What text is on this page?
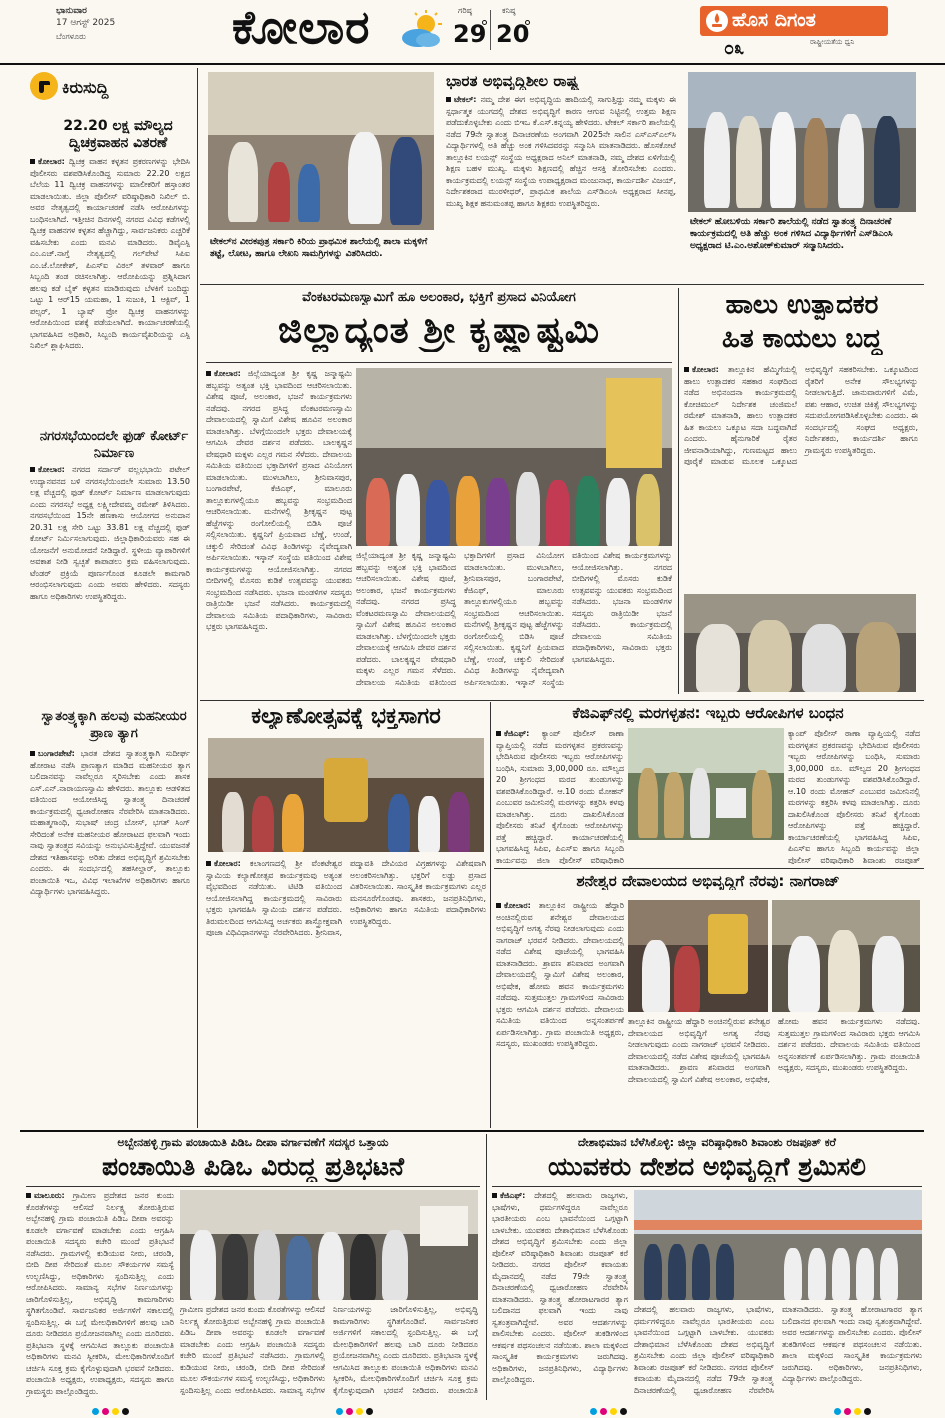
ಭಾನುವಾರ
17 ಆಗಸ್ಟ್ 2025
ಬೆಂಗಳೂರು	ಕೋಲಾರ	ಗರಿಷ್ಠ
29
ಕನಿಷ್ಠ
20	ಹೊಸ ದಿಗಂತ
೦೩	ರಾಷ್ಟ್ರೀಯತೆಯ ಧ್ವನಿ
ಕಿರುಸುದ್ದಿ
22.20 ಲಕ್ಷ ಮೌಲ್ಯದ ದ್ವಿಚಕ್ರವಾಹನ ವಿತರಣೆ
ಕೋಲಾರ: ದ್ವಿಚಕ್ರ ವಾಹನ ಕಳ್ಳತನ ಪ್ರಕರಣಗಳನ್ನು ಭೇದಿಸಿ ಪೊಲೀಸರು ವಶಪಡಿಸಿಕೊಂಡಿದ್ದ ಸುಮಾರು 22.20 ಲಕ್ಷದ ಬೆಲೆಯ 11 ದ್ವಿಚಕ್ರ ವಾಹನಗಳನ್ನು ಮಾಲೀಕರಿಗೆ ಹಸ್ತಾಂತರ ಮಾಡಲಾಯಿತು. ಜಿಲ್ಲಾ ಪೊಲೀಸ್ ವರಿಷ್ಠಾಧಿಕಾರಿ ನಿಖಿಲ್ ಬಿ. ಅವರ ನೇತೃತ್ವದಲ್ಲಿ ಕಾರ್ಯಾಚರಣೆ ನಡೆಸಿ ಆರೋಪಿಗಳನ್ನು ಬಂಧಿಸಲಾಗಿದೆ. ಇತ್ತೀಚಿನ ದಿನಗಳಲ್ಲಿ ನಗರದ ವಿವಿಧ ಕಡೆಗಳಲ್ಲಿ ದ್ವಿಚಕ್ರ ವಾಹನಗಳ ಕಳ್ಳತನ ಹೆಚ್ಚಾಗಿದ್ದು, ಸಾರ್ವಜನಿಕರು ಎಚ್ಚರಿಕೆ ವಹಿಸಬೇಕು ಎಂದು ಮನವಿ ಮಾಡಿದರು. ಡಿವೈಎಸ್ಪಿ ಎಂ.ಎಚ್.ನಾಗ್ತೆ ನೇತೃತ್ವದಲ್ಲಿ ಗಲ್‌ಪೇಟೆ ಸಿಪಿಐ ಎಂ.ಜೆ.ಲೋಕೇಶ್, ಪಿಎಸ್‌ಐ ವಿಠಲ್ ತಳವಾರ್ ಹಾಗೂ ಸಿಬ್ಬಂದಿ ತಂಡ ರಚಿಸಲಾಗಿತ್ತು. ಆರೋಪಿಯನ್ನು ಪ್ರಶ್ನಿಸಿದಾಗ ಹಲವು ಕಡೆ ಬೈಕ್ ಕಳ್ಳತನ ಮಾಡಿರುವುದು ಬೆಳಕಿಗೆ ಬಂದಿದ್ದು ಒಟ್ಟು 1 ಆರ್‌15 ಯಮಹಾ, 1 ಸುಜುಕಿ, 1 ಆಕ್ಟಿವ್, 1 ಪಲ್ಸರ್, 1 ಬ್ಯಾಷ್ ಪ್ರೋ ದ್ವಿಚಕ್ರ ವಾಹನಗಳನ್ನು ಆರೋಪಿಯಿಂದ ವಶಕ್ಕೆ ಪಡೆಯಲಾಗಿದೆ. ಕಾರ್ಯಾಚರಣೆಯಲ್ಲಿ ಭಾಗವಹಿಸಿದ ಅಧಿಕಾರಿ, ಸಿಬ್ಬಂದಿ ಕಾರ್ಯವೈಖರಿಯನ್ನು ಎಸ್ಪಿ ನಿಖಿಲ್ ಶ್ಲಾಘಿಸಿದರು.
ನಗರಸಭೆಯಿಂದಲೇ ಫುಡ್ ಕೋರ್ಟ್ ನಿರ್ಮಾಣ
ಕೋಲಾರ: ನಗರದ ಸರ್ದಾರ್ ವಲ್ಲಭಭಾಯಿ ಪಟೇಲ್ ಉದ್ಯಾನವನದ ಬಳಿ ನಗರಸಭೆಯಿಂದಲೇ ಸುಮಾರು 13.50 ಲಕ್ಷ ವೆಚ್ಚದಲ್ಲಿ ಫುಡ್ ಕೋರ್ಟ್ ನಿರ್ಮಾಣ ಮಾಡಲಾಗುವುದು ಎಂದು ನಗರಸಭೆ ಅಧ್ಯಕ್ಷ ಲಕ್ಷ್ಮೀದೇವಮ್ಮ ರಮೇಶ್ ತಿಳಿಸಿದರು. ನಗರಸಭೆಯಿಂದ 15ನೇ ಹಣಕಾಸು ಆಯೋಗದ ಅನುದಾನ 20.31 ಲಕ್ಷ ಸೇರಿ ಒಟ್ಟು 33.81 ಲಕ್ಷ ವೆಚ್ಚದಲ್ಲಿ ಫುಡ್ ಕೋರ್ಟ್ ನಿರ್ಮಿಸಲಾಗುವುದು. ಜಿಲ್ಲಾಧಿಕಾರಿಯವರು ಸಹ ಈ ಯೋಜನೆಗೆ ಅನುಮೋದನೆ ನೀಡಿದ್ದಾರೆ. ಸ್ಥಳೀಯ ವ್ಯಾಪಾರಿಗಳಿಗೆ ಅವಕಾಶ ನೀಡಿ ಸ್ವಚ್ಛತೆ ಕಾಪಾಡಲು ಕ್ರಮ ವಹಿಸಲಾಗುವುದು. ಟೆಂಡರ್ ಪ್ರಕ್ರಿಯೆ ಪೂರ್ಣಗೊಂಡ ಕೂಡಲೇ ಕಾಮಗಾರಿ ಆರಂಭಿಸಲಾಗುವುದು ಎಂದು ಅವರು ಹೇಳಿದರು. ಸದಸ್ಯರು ಹಾಗೂ ಅಧಿಕಾರಿಗಳು ಉಪಸ್ಥಿತರಿದ್ದರು.
ಸ್ವಾತಂತ್ರ್ಯಕ್ಕಾಗಿ ಹಲವು ಮಹನೀಯರ ಪ್ರಾಣ ತ್ಯಾಗ
ಬಂಗಾರಪೇಟೆ: ಭಾರತ ದೇಶದ ಸ್ವಾತಂತ್ರ್ಯಕ್ಕಾಗಿ ಸುದೀರ್ಘ ಹೋರಾಟ ನಡೆಸಿ ಪ್ರಾಣತ್ಯಾಗ ಮಾಡಿದ ಮಹನೀಯರ ತ್ಯಾಗ ಬಲಿದಾನವನ್ನು ನಾವೆಲ್ಲರೂ ಸ್ಮರಿಸಬೇಕು ಎಂದು ಶಾಸಕ ಎಸ್.ಎನ್.ನಾರಾಯಣಸ್ವಾಮಿ ಹೇಳಿದರು. ತಾಲ್ಲೂಕು ಆಡಳಿತದ ವತಿಯಿಂದ ಆಯೋಜಿಸಿದ್ದ ಸ್ವಾತಂತ್ರ್ಯ ದಿನಾಚರಣೆ ಕಾರ್ಯಕ್ರಮದಲ್ಲಿ ಧ್ವಜಾರೋಹಣ ನೆರವೇರಿಸಿ ಮಾತನಾಡಿದರು. ಮಹಾತ್ಮಗಾಂಧಿ, ಸುಭಾಷ್ ಚಂದ್ರ ಬೋಸ್, ಭಗತ್ ಸಿಂಗ್ ಸೇರಿದಂತೆ ಅನೇಕ ಮಹನೀಯರ ಹೋರಾಟದ ಫಲವಾಗಿ ಇಂದು ನಾವು ಸ್ವಾತಂತ್ರ್ಯದ ಸವಿಯನ್ನು ಅನುಭವಿಸುತ್ತಿದ್ದೇವೆ. ಯುವಜನತೆ ದೇಶದ ಇತಿಹಾಸವನ್ನು ಅರಿತು ದೇಶದ ಅಭಿವೃದ್ಧಿಗೆ ಶ್ರಮಿಸಬೇಕು ಎಂದರು. ಈ ಸಂದರ್ಭದಲ್ಲಿ ತಹಸೀಲ್ದಾರ್, ತಾಲ್ಲೂಕು ಪಂಚಾಯಿತಿ ಇಒ, ವಿವಿಧ ಇಲಾಖೆಗಳ ಅಧಿಕಾರಿಗಳು ಹಾಗೂ ವಿದ್ಯಾರ್ಥಿಗಳು ಭಾಗವಹಿಸಿದ್ದರು.
ಟೇಕಲ್‌ನ ವೀರಕಪುತ್ರ ಸರ್ಕಾರಿ ಕಿರಿಯ ಪ್ರಾಥಮಿಕ ಶಾಲೆಯಲ್ಲಿ ಶಾಲಾ ಮಕ್ಕಳಿಗೆ ತಟ್ಟೆ, ಲೋಟ, ಹಾಗೂ ಲೇಖನಿ ಸಾಮಗ್ರಿಗಳನ್ನು ವಿತರಿಸಿದರು.
ಭಾರತ ಅಭಿವೃದ್ಧಿಶೀಲ ರಾಷ್ಟ್ರ
ಟೇಕಲ್: ನಮ್ಮ ದೇಶ ಈಗ ಅಭಿವೃದ್ಧಿಯ ಹಾದಿಯಲ್ಲಿ ಸಾಗುತ್ತಿದ್ದು ನಮ್ಮ ಮಕ್ಕಳು ಈ ಸ್ಪರ್ಧಾತ್ಮಕ ಯುಗದಲ್ಲಿ ದೇಶದ ಅಭಿವೃದ್ಧಿಗೆ ಕಾರಣ ಆಗುವ ನಿಟ್ಟಿನಲ್ಲಿ ಉತ್ತಮ ಶಿಕ್ಷಣ ಪಡೆದುಕೊಳ್ಳಬೇಕು ಎಂದು ಬಿಇಒ ಕೆ.ಎಸ್.ಕನ್ನಯ್ಯ ಹೇಳಿದರು. ಟೇಕಲ್ ಸರ್ಕಾರಿ ಶಾಲೆಯಲ್ಲಿ ನಡೆದ 79ನೇ ಸ್ವಾತಂತ್ರ್ಯ ದಿನಾಚರಣೆಯ ಅಂಗವಾಗಿ 2025ನೇ ಸಾಲಿನ ಎಸ್‌ಎಸ್‌ಎಲ್‌ಸಿ ವಿದ್ಯಾರ್ಥಿಗಳಲ್ಲಿ ಅತಿ ಹೆಚ್ಚು ಅಂಕ ಗಳಿಸಿದವರನ್ನು ಸನ್ಮಾನಿಸಿ ಮಾತನಾಡಿದರು. ಹೊಸಕೋಟೆ ತಾಲ್ಲೂಕಿನ ಲಯನ್ಸ್ ಸಂಸ್ಥೆಯ ಅಧ್ಯಕ್ಷರಾದ ಅನಿಲ್ ಮಾತನಾಡಿ, ನಮ್ಮ ದೇಶದ ಏಳಿಗೆಯಲ್ಲಿ ಶಿಕ್ಷಣ ಬಹಳ ಮುಖ್ಯ. ಮಕ್ಕಳು ಶಿಕ್ಷಣದಲ್ಲಿ ಹೆಚ್ಚಿನ ಆಸಕ್ತಿ ತೋರಿಸಬೇಕು ಎಂದರು. ಕಾರ್ಯಕ್ರಮದಲ್ಲಿ ಲಯನ್ಸ್ ಸಂಸ್ಥೆಯ ಉಪಾಧ್ಯಕ್ಷರಾದ ಮಂಜುನಾಥ, ಕಾರ್ಯದರ್ಶಿ ವಿಜಯ್, ನಿರ್ದೇಶಕರಾದ ಮುರಳೀಧರ್, ಪ್ರಾಥಮಿಕ ಶಾಲೆಯ ಎಸ್‌ಡಿಎಂಸಿ ಅಧ್ಯಕ್ಷರಾದ ಸೀನಪ್ಪ, ಮುಖ್ಯ ಶಿಕ್ಷಕ ಹನುಮಂತಪ್ಪ ಹಾಗೂ ಶಿಕ್ಷಕರು ಉಪಸ್ಥಿತರಿದ್ದರು.
ಟೇಕಲ್ ಹೋಬಳಿಯ ಸರ್ಕಾರಿ ಶಾಲೆಯಲ್ಲಿ ನಡೆದ ಸ್ವಾತಂತ್ರ್ಯ ದಿನಾಚರಣೆ ಕಾರ್ಯಕ್ರಮದಲ್ಲಿ ಅತಿ ಹೆಚ್ಚು ಅಂಕ ಗಳಿಸಿದ ವಿದ್ಯಾರ್ಥಿಗಳಿಗೆ ಎಸ್‌ಡಿಎಂಸಿ ಅಧ್ಯಕ್ಷರಾದ ಟಿ.ಎಂ.ಅಶೋಕ್‌ಕುಮಾರ್ ಸನ್ಮಾನಿಸಿದರು.
ವೆಂಕಟರಮಣಸ್ವಾಮಿಗೆ ಹೂ ಅಲಂಕಾರ, ಭಕ್ತಿಗೆ ಪ್ರಸಾದ ವಿನಿಯೋಗ
ಜಿಲ್ಲಾದ್ಯಂತ ಶ್ರೀ ಕೃಷ್ಣಾಷ್ಟಮಿ
ಕೋಲಾರ: ಜಿಲ್ಲೆಯಾದ್ಯಂತ ಶ್ರೀ ಕೃಷ್ಣ ಜನ್ಮಾಷ್ಟಮಿ ಹಬ್ಬವನ್ನು ಅತ್ಯಂತ ಭಕ್ತಿ ಭಾವದಿಂದ ಆಚರಿಸಲಾಯಿತು. ವಿಶೇಷ ಪೂಜೆ, ಅಲಂಕಾರ, ಭಜನೆ ಕಾರ್ಯಕ್ರಮಗಳು ನಡೆದವು. ನಗರದ ಪ್ರಸಿದ್ಧ ವೆಂಕಟರಮಣಸ್ವಾಮಿ ದೇವಾಲಯದಲ್ಲಿ ಸ್ವಾಮಿಗೆ ವಿಶೇಷ ಹೂವಿನ ಅಲಂಕಾರ ಮಾಡಲಾಗಿತ್ತು. ಬೆಳಗ್ಗೆಯಿಂದಲೇ ಭಕ್ತರು ದೇವಾಲಯಕ್ಕೆ ಆಗಮಿಸಿ ದೇವರ ದರ್ಶನ ಪಡೆದರು. ಬಾಲಕೃಷ್ಣನ ವೇಷಧಾರಿ ಮಕ್ಕಳು ಎಲ್ಲರ ಗಮನ ಸೆಳೆದರು. ದೇವಾಲಯ ಸಮಿತಿಯ ವತಿಯಿಂದ ಭಕ್ತಾದಿಗಳಿಗೆ ಪ್ರಸಾದ ವಿನಿಯೋಗ ಮಾಡಲಾಯಿತು. ಮುಳಬಾಗಿಲು, ಶ್ರೀನಿವಾಸಪುರ, ಬಂಗಾರಪೇಟೆ, ಕೆಜಿಎಫ್, ಮಾಲೂರು ತಾಲ್ಲೂಕುಗಳಲ್ಲಿಯೂ ಹಬ್ಬವನ್ನು ಸಂಭ್ರಮದಿಂದ ಆಚರಿಸಲಾಯಿತು. ಮನೆಗಳಲ್ಲಿ ಶ್ರೀಕೃಷ್ಣನ ಪುಟ್ಟ ಹೆಜ್ಜೆಗಳನ್ನು ರಂಗೋಲಿಯಲ್ಲಿ ಬಿಡಿಸಿ ಪೂಜೆ ಸಲ್ಲಿಸಲಾಯಿತು. ಕೃಷ್ಣನಿಗೆ ಪ್ರಿಯವಾದ ಬೆಣ್ಣೆ, ಉಂಡೆ, ಚಕ್ಕುಲಿ ಸೇರಿದಂತೆ ವಿವಿಧ ತಿಂಡಿಗಳನ್ನು ನೈವೇದ್ಯವಾಗಿ ಅರ್ಪಿಸಲಾಯಿತು. ಇಸ್ಕಾನ್ ಸಂಸ್ಥೆಯ ವತಿಯಿಂದ ವಿಶೇಷ ಕಾರ್ಯಕ್ರಮಗಳನ್ನು ಆಯೋಜಿಸಲಾಗಿತ್ತು. ನಗರದ ಬೀದಿಗಳಲ್ಲಿ ಮೊಸರು ಕುಡಿಕೆ ಉತ್ಸವವನ್ನು ಯುವಕರು ಸಂಭ್ರಮದಿಂದ ನಡೆಸಿದರು. ಭಜನಾ ಮಂಡಳಿಗಳ ಸದಸ್ಯರು ರಾತ್ರಿಯಿಡೀ ಭಜನೆ ನಡೆಸಿದರು. ಕಾರ್ಯಕ್ರಮದಲ್ಲಿ ದೇವಾಲಯ ಸಮಿತಿಯ ಪದಾಧಿಕಾರಿಗಳು, ಸಾವಿರಾರು ಭಕ್ತರು ಭಾಗವಹಿಸಿದ್ದರು.
ಜಿಲ್ಲೆಯಾದ್ಯಂತ ಶ್ರೀ ಕೃಷ್ಣ ಜನ್ಮಾಷ್ಟಮಿ ಹಬ್ಬವನ್ನು ಅತ್ಯಂತ ಭಕ್ತಿ ಭಾವದಿಂದ ಆಚರಿಸಲಾಯಿತು. ವಿಶೇಷ ಪೂಜೆ, ಅಲಂಕಾರ, ಭಜನೆ ಕಾರ್ಯಕ್ರಮಗಳು ನಡೆದವು. ನಗರದ ಪ್ರಸಿದ್ಧ ವೆಂಕಟರಮಣಸ್ವಾಮಿ ದೇವಾಲಯದಲ್ಲಿ ಸ್ವಾಮಿಗೆ ವಿಶೇಷ ಹೂವಿನ ಅಲಂಕಾರ ಮಾಡಲಾಗಿತ್ತು. ಬೆಳಗ್ಗೆಯಿಂದಲೇ ಭಕ್ತರು ದೇವಾಲಯಕ್ಕೆ ಆಗಮಿಸಿ ದೇವರ ದರ್ಶನ ಪಡೆದರು. ಬಾಲಕೃಷ್ಣನ ವೇಷಧಾರಿ ಮಕ್ಕಳು ಎಲ್ಲರ ಗಮನ ಸೆಳೆದರು. ದೇವಾಲಯ ಸಮಿತಿಯ ವತಿಯಿಂದ ಭಕ್ತಾದಿಗಳಿಗೆ ಪ್ರಸಾದ ವಿನಿಯೋಗ ಮಾಡಲಾಯಿತು. ಮುಳಬಾಗಿಲು, ಶ್ರೀನಿವಾಸಪುರ, ಬಂಗಾರಪೇಟೆ, ಕೆಜಿಎಫ್, ಮಾಲೂರು ತಾಲ್ಲೂಕುಗಳಲ್ಲಿಯೂ ಹಬ್ಬವನ್ನು ಸಂಭ್ರಮದಿಂದ ಆಚರಿಸಲಾಯಿತು. ಮನೆಗಳಲ್ಲಿ ಶ್ರೀಕೃಷ್ಣನ ಪುಟ್ಟ ಹೆಜ್ಜೆಗಳನ್ನು ರಂಗೋಲಿಯಲ್ಲಿ ಬಿಡಿಸಿ ಪೂಜೆ ಸಲ್ಲಿಸಲಾಯಿತು. ಕೃಷ್ಣನಿಗೆ ಪ್ರಿಯವಾದ ಬೆಣ್ಣೆ, ಉಂಡೆ, ಚಕ್ಕುಲಿ ಸೇರಿದಂತೆ ವಿವಿಧ ತಿಂಡಿಗಳನ್ನು ನೈವೇದ್ಯವಾಗಿ ಅರ್ಪಿಸಲಾಯಿತು. ಇಸ್ಕಾನ್ ಸಂಸ್ಥೆಯ ವತಿಯಿಂದ ವಿಶೇಷ ಕಾರ್ಯಕ್ರಮಗಳನ್ನು ಆಯೋಜಿಸಲಾಗಿತ್ತು. ನಗರದ ಬೀದಿಗಳಲ್ಲಿ ಮೊಸರು ಕುಡಿಕೆ ಉತ್ಸವವನ್ನು ಯುವಕರು ಸಂಭ್ರಮದಿಂದ ನಡೆಸಿದರು. ಭಜನಾ ಮಂಡಳಿಗಳ ಸದಸ್ಯರು ರಾತ್ರಿಯಿಡೀ ಭಜನೆ ನಡೆಸಿದರು. ಕಾರ್ಯಕ್ರಮದಲ್ಲಿ ದೇವಾಲಯ ಸಮಿತಿಯ ಪದಾಧಿಕಾರಿಗಳು, ಸಾವಿರಾರು ಭಕ್ತರು ಭಾಗವಹಿಸಿದ್ದರು.
ಹಾಲು ಉತ್ಪಾದಕರ
ಹಿತ ಕಾಯಲು ಬದ್ಧ
ಕೋಲಾರ: ತಾಲ್ಲೂಕಿನ ಹೆಮ್ಮಿಗೆಯಲ್ಲಿ ಹಾಲು ಉತ್ಪಾದಕರ ಸಹಕಾರ ಸಂಘದಿಂದ ನಡೆದ ಅಭಿನಂದನಾ ಕಾರ್ಯಕ್ರಮದಲ್ಲಿ ಕೋಚಿಮುಲ್ ನಿರ್ದೇಶಕ ಚಂಜಿಮಲೆ ರಮೇಶ್ ಮಾತನಾಡಿ, ಹಾಲು ಉತ್ಪಾದಕರ ಹಿತ ಕಾಯಲು ಒಕ್ಕೂಟ ಸದಾ ಬದ್ಧವಾಗಿದೆ ಎಂದರು. ಹೈನುಗಾರಿಕೆ ರೈತರ ಜೀವನಾಡಿಯಾಗಿದ್ದು, ಗುಣಮಟ್ಟದ ಹಾಲು ಪೂರೈಕೆ ಮಾಡುವ ಮೂಲಕ ಒಕ್ಕೂಟದ ಅಭಿವೃದ್ಧಿಗೆ ಸಹಕರಿಸಬೇಕು. ಒಕ್ಕೂಟದಿಂದ ರೈತರಿಗೆ ಅನೇಕ ಸೌಲಭ್ಯಗಳನ್ನು ನೀಡಲಾಗುತ್ತಿದೆ. ಜಾನುವಾರುಗಳಿಗೆ ವಿಮೆ, ಪಶು ಆಹಾರ, ಉಚಿತ ಚಿಕಿತ್ಸೆ ಸೌಲಭ್ಯಗಳನ್ನು ಸದುಪಯೋಗಪಡಿಸಿಕೊಳ್ಳಬೇಕು ಎಂದರು. ಈ ಸಂದರ್ಭದಲ್ಲಿ ಸಂಘದ ಅಧ್ಯಕ್ಷರು, ನಿರ್ದೇಶಕರು, ಕಾರ್ಯದರ್ಶಿ ಹಾಗೂ ಗ್ರಾಮಸ್ಥರು ಉಪಸ್ಥಿತರಿದ್ದರು.
ಕಲ್ಯಾಣೋತ್ಸವಕ್ಕೆ ಭಕ್ತಸಾಗರ
ಕೋಲಾರ: ಕಲಾಂಗಣದಲ್ಲಿ ಶ್ರೀ ವೆಂಕಟೇಶ್ವರ ಸ್ವಾಮಿಯ ಕಲ್ಯಾಣೋತ್ಸವ ಕಾರ್ಯಕ್ರಮವು ಅತ್ಯಂತ ವೈಭವದಿಂದ ನಡೆಯಿತು. ಟಿಟಿಡಿ ವತಿಯಿಂದ ಆಯೋಜಿಸಲಾಗಿದ್ದ ಕಾರ್ಯಕ್ರಮದಲ್ಲಿ ಸಾವಿರಾರು ಭಕ್ತರು ಭಾಗವಹಿಸಿ ಸ್ವಾಮಿಯ ದರ್ಶನ ಪಡೆದರು. ತಿರುಮಲದಿಂದ ಆಗಮಿಸಿದ್ದ ಅರ್ಚಕರು ಶಾಸ್ತ್ರೋಕ್ತವಾಗಿ ಪೂಜಾ ವಿಧಿವಿಧಾನಗಳನ್ನು ನೆರವೇರಿಸಿದರು. ಶ್ರೀನಿವಾಸ, ಪದ್ಮಾವತಿ ದೇವಿಯರ ವಿಗ್ರಹಗಳನ್ನು ವಿಶೇಷವಾಗಿ ಅಲಂಕರಿಸಲಾಗಿತ್ತು. ಭಕ್ತರಿಗೆ ಲಡ್ಡು ಪ್ರಸಾದ ವಿತರಿಸಲಾಯಿತು. ಸಾಂಸ್ಕೃತಿಕ ಕಾರ್ಯಕ್ರಮಗಳು ಎಲ್ಲರ ಮನಸೂರೆಗೊಂಡವು. ಶಾಸಕರು, ಜನಪ್ರತಿನಿಧಿಗಳು, ಅಧಿಕಾರಿಗಳು ಹಾಗೂ ಸಮಿತಿಯ ಪದಾಧಿಕಾರಿಗಳು ಉಪಸ್ಥಿತರಿದ್ದರು.
ಕೆಜಿಎಫ್‌ನಲ್ಲಿ ಮರಗಳ್ಳತನ: ಇಬ್ಬರು ಆರೋಪಿಗಳ ಬಂಧನ
ಕೆಜಿಎಫ್: ಕ್ಯಾಂಪ್ ಪೊಲೀಸ್ ಠಾಣಾ ವ್ಯಾಪ್ತಿಯಲ್ಲಿ ನಡೆದ ಮರಗಳ್ಳತನ ಪ್ರಕರಣವನ್ನು ಭೇದಿಸಿರುವ ಪೊಲೀಸರು ಇಬ್ಬರು ಆರೋಪಿಗಳನ್ನು ಬಂಧಿಸಿ, ಸುಮಾರು 3,00,000 ರೂ. ಮೌಲ್ಯದ 20 ಶ್ರೀಗಂಧದ ಮರದ ತುಂಡುಗಳನ್ನು ವಶಪಡಿಸಿಕೊಂಡಿದ್ದಾರೆ. ಆ.10 ರಂದು ಮೋಹನ್ ಎಂಬುವರ ಜಮೀನಿನಲ್ಲಿ ಮರಗಳನ್ನು ಕತ್ತರಿಸಿ ಕಳವು ಮಾಡಲಾಗಿತ್ತು. ದೂರು ದಾಖಲಿಸಿಕೊಂಡ ಪೊಲೀಸರು ತನಿಖೆ ಕೈಗೊಂಡು ಆರೋಪಿಗಳನ್ನು ಪತ್ತೆ ಹಚ್ಚಿದ್ದಾರೆ. ಕಾರ್ಯಾಚರಣೆಯಲ್ಲಿ ಭಾಗವಹಿಸಿದ್ದ ಸಿಪಿಐ, ಪಿಎಸ್‌ಐ ಹಾಗೂ ಸಿಬ್ಬಂದಿ ಕಾರ್ಯವನ್ನು ಜಿಲ್ಲಾ ಪೊಲೀಸ್ ವರಿಷ್ಠಾಧಿಕಾರಿ
ಕ್ಯಾಂಪ್ ಪೊಲೀಸ್ ಠಾಣಾ ವ್ಯಾಪ್ತಿಯಲ್ಲಿ ನಡೆದ ಮರಗಳ್ಳತನ ಪ್ರಕರಣವನ್ನು ಭೇದಿಸಿರುವ ಪೊಲೀಸರು ಇಬ್ಬರು ಆರೋಪಿಗಳನ್ನು ಬಂಧಿಸಿ, ಸುಮಾರು 3,00,000 ರೂ. ಮೌಲ್ಯದ 20 ಶ್ರೀಗಂಧದ ಮರದ ತುಂಡುಗಳನ್ನು ವಶಪಡಿಸಿಕೊಂಡಿದ್ದಾರೆ. ಆ.10 ರಂದು ಮೋಹನ್ ಎಂಬುವರ ಜಮೀನಿನಲ್ಲಿ ಮರಗಳನ್ನು ಕತ್ತರಿಸಿ ಕಳವು ಮಾಡಲಾಗಿತ್ತು. ದೂರು ದಾಖಲಿಸಿಕೊಂಡ ಪೊಲೀಸರು ತನಿಖೆ ಕೈಗೊಂಡು ಆರೋಪಿಗಳನ್ನು ಪತ್ತೆ ಹಚ್ಚಿದ್ದಾರೆ. ಕಾರ್ಯಾಚರಣೆಯಲ್ಲಿ ಭಾಗವಹಿಸಿದ್ದ ಸಿಪಿಐ, ಪಿಎಸ್‌ಐ ಹಾಗೂ ಸಿಬ್ಬಂದಿ ಕಾರ್ಯವನ್ನು ಜಿಲ್ಲಾ ಪೊಲೀಸ್ ವರಿಷ್ಠಾಧಿಕಾರಿ ಶಿವಾಂಶು ರಜಪೂತ್
ಶನೇಶ್ವರ ದೇವಾಲಯದ ಅಭಿವೃದ್ಧಿಗೆ ನೆರವು: ನಾಗರಾಜ್
ಕೋಲಾರ: ತಾಲ್ಲೂಕಿನ ರಾಷ್ಟ್ರೀಯ ಹೆದ್ದಾರಿ ಅಂಚಿನಲ್ಲಿರುವ ಶನೇಶ್ವರ ದೇವಾಲಯದ ಅಭಿವೃದ್ಧಿಗೆ ಅಗತ್ಯ ನೆರವು ನೀಡಲಾಗುವುದು ಎಂದು ನಾಗರಾಜ್ ಭರವಸೆ ನೀಡಿದರು. ದೇವಾಲಯದಲ್ಲಿ ನಡೆದ ವಿಶೇಷ ಪೂಜೆಯಲ್ಲಿ ಭಾಗವಹಿಸಿ ಮಾತನಾಡಿದರು. ಶ್ರಾವಣ ಶನಿವಾರದ ಅಂಗವಾಗಿ ದೇವಾಲಯದಲ್ಲಿ ಸ್ವಾಮಿಗೆ ವಿಶೇಷ ಅಲಂಕಾರ, ಅಭಿಷೇಕ, ಹೋಮ ಹವನ ಕಾರ್ಯಕ್ರಮಗಳು ನಡೆದವು. ಸುತ್ತಮುತ್ತಲ ಗ್ರಾಮಗಳಿಂದ ಸಾವಿರಾರು ಭಕ್ತರು ಆಗಮಿಸಿ ದರ್ಶನ ಪಡೆದರು. ದೇವಾಲಯ ಸಮಿತಿಯ ವತಿಯಿಂದ ಅನ್ನಸಂತರ್ಪಣೆ ಏರ್ಪಡಿಸಲಾಗಿತ್ತು. ಗ್ರಾಮ ಪಂಚಾಯಿತಿ ಅಧ್ಯಕ್ಷರು, ಸದಸ್ಯರು, ಮುಖಂಡರು ಉಪಸ್ಥಿತರಿದ್ದರು.
ತಾಲ್ಲೂಕಿನ ರಾಷ್ಟ್ರೀಯ ಹೆದ್ದಾರಿ ಅಂಚಿನಲ್ಲಿರುವ ಶನೇಶ್ವರ ದೇವಾಲಯದ ಅಭಿವೃದ್ಧಿಗೆ ಅಗತ್ಯ ನೆರವು ನೀಡಲಾಗುವುದು ಎಂದು ನಾಗರಾಜ್ ಭರವಸೆ ನೀಡಿದರು. ದೇವಾಲಯದಲ್ಲಿ ನಡೆದ ವಿಶೇಷ ಪೂಜೆಯಲ್ಲಿ ಭಾಗವಹಿಸಿ ಮಾತನಾಡಿದರು. ಶ್ರಾವಣ ಶನಿವಾರದ ಅಂಗವಾಗಿ ದೇವಾಲಯದಲ್ಲಿ ಸ್ವಾಮಿಗೆ ವಿಶೇಷ ಅಲಂಕಾರ, ಅಭಿಷೇಕ, ಹೋಮ ಹವನ ಕಾರ್ಯಕ್ರಮಗಳು ನಡೆದವು. ಸುತ್ತಮುತ್ತಲ ಗ್ರಾಮಗಳಿಂದ ಸಾವಿರಾರು ಭಕ್ತರು ಆಗಮಿಸಿ ದರ್ಶನ ಪಡೆದರು. ದೇವಾಲಯ ಸಮಿತಿಯ ವತಿಯಿಂದ ಅನ್ನಸಂತರ್ಪಣೆ ಏರ್ಪಡಿಸಲಾಗಿತ್ತು. ಗ್ರಾಮ ಪಂಚಾಯಿತಿ ಅಧ್ಯಕ್ಷರು, ಸದಸ್ಯರು, ಮುಖಂಡರು ಉಪಸ್ಥಿತರಿದ್ದರು.
ಅಬ್ಬೇನಹಳ್ಳಿ ಗ್ರಾಮ ಪಂಚಾಯಿತಿ ಪಿಡಿಒ ದೀಪಾ ವರ್ಗಾವಣೆಗೆ ಸದಸ್ಯರ ಒತ್ತಾಯ
ಪಂಚಾಯಿತಿ ಪಿಡಿಒ ವಿರುದ್ಧ ಪ್ರತಿಭಟನೆ
ಮಾಲೂರು: ಗ್ರಾಮೀಣ ಪ್ರದೇಶದ ಜನರ ಕುಂದು ಕೊರತೆಗಳನ್ನು ಆಲಿಸದೆ ನಿರ್ಲಕ್ಷ್ಯ ತೋರುತ್ತಿರುವ ಅಬ್ಬೇನಹಳ್ಳಿ ಗ್ರಾಮ ಪಂಚಾಯಿತಿ ಪಿಡಿಒ ದೀಪಾ ಅವರನ್ನು ಕೂಡಲೇ ವರ್ಗಾವಣೆ ಮಾಡಬೇಕು ಎಂದು ಆಗ್ರಹಿಸಿ ಪಂಚಾಯಿತಿ ಸದಸ್ಯರು ಕಚೇರಿ ಮುಂದೆ ಪ್ರತಿಭಟನೆ ನಡೆಸಿದರು. ಗ್ರಾಮಗಳಲ್ಲಿ ಕುಡಿಯುವ ನೀರು, ಚರಂಡಿ, ಬೀದಿ ದೀಪ ಸೇರಿದಂತೆ ಮೂಲ ಸೌಕರ್ಯಗಳ ಸಮಸ್ಯೆ ಉಲ್ಬಣಿಸಿದ್ದು, ಅಧಿಕಾರಿಗಳು ಸ್ಪಂದಿಸುತ್ತಿಲ್ಲ ಎಂದು ಆರೋಪಿಸಿದರು. ಸಾಮಾನ್ಯ ಸಭೆಗಳ ನಿರ್ಣಯಗಳನ್ನು ಜಾರಿಗೊಳಿಸುತ್ತಿಲ್ಲ, ಅಭಿವೃದ್ಧಿ ಕಾಮಗಾರಿಗಳು ಸ್ಥಗಿತಗೊಂಡಿವೆ. ಸಾರ್ವಜನಿಕರ ಅರ್ಜಿಗಳಿಗೆ ಸಕಾಲದಲ್ಲಿ ಸ್ಪಂದಿಸುತ್ತಿಲ್ಲ. ಈ ಬಗ್ಗೆ ಮೇಲಧಿಕಾರಿಗಳಿಗೆ ಹಲವು ಬಾರಿ ದೂರು ನೀಡಿದರೂ ಪ್ರಯೋಜನವಾಗಿಲ್ಲ ಎಂದು ದೂರಿದರು. ಪ್ರತಿಭಟನಾ ಸ್ಥಳಕ್ಕೆ ಆಗಮಿಸಿದ ತಾಲ್ಲೂಕು ಪಂಚಾಯಿತಿ ಅಧಿಕಾರಿಗಳು ಮನವಿ ಸ್ವೀಕರಿಸಿ, ಮೇಲಧಿಕಾರಿಗಳೊಂದಿಗೆ ಚರ್ಚಿಸಿ ಸೂಕ್ತ ಕ್ರಮ ಕೈಗೊಳ್ಳುವುದಾಗಿ ಭರವಸೆ ನೀಡಿದರು. ಪಂಚಾಯಿತಿ ಅಧ್ಯಕ್ಷರು, ಉಪಾಧ್ಯಕ್ಷರು, ಸದಸ್ಯರು ಹಾಗೂ ಗ್ರಾಮಸ್ಥರು ಪಾಲ್ಗೊಂಡಿದ್ದರು.
ಗ್ರಾಮೀಣ ಪ್ರದೇಶದ ಜನರ ಕುಂದು ಕೊರತೆಗಳನ್ನು ಆಲಿಸದೆ ನಿರ್ಲಕ್ಷ್ಯ ತೋರುತ್ತಿರುವ ಅಬ್ಬೇನಹಳ್ಳಿ ಗ್ರಾಮ ಪಂಚಾಯಿತಿ ಪಿಡಿಒ ದೀಪಾ ಅವರನ್ನು ಕೂಡಲೇ ವರ್ಗಾವಣೆ ಮಾಡಬೇಕು ಎಂದು ಆಗ್ರಹಿಸಿ ಪಂಚಾಯಿತಿ ಸದಸ್ಯರು ಕಚೇರಿ ಮುಂದೆ ಪ್ರತಿಭಟನೆ ನಡೆಸಿದರು. ಗ್ರಾಮಗಳಲ್ಲಿ ಕುಡಿಯುವ ನೀರು, ಚರಂಡಿ, ಬೀದಿ ದೀಪ ಸೇರಿದಂತೆ ಮೂಲ ಸೌಕರ್ಯಗಳ ಸಮಸ್ಯೆ ಉಲ್ಬಣಿಸಿದ್ದು, ಅಧಿಕಾರಿಗಳು ಸ್ಪಂದಿಸುತ್ತಿಲ್ಲ ಎಂದು ಆರೋಪಿಸಿದರು. ಸಾಮಾನ್ಯ ಸಭೆಗಳ ನಿರ್ಣಯಗಳನ್ನು ಜಾರಿಗೊಳಿಸುತ್ತಿಲ್ಲ, ಅಭಿವೃದ್ಧಿ ಕಾಮಗಾರಿಗಳು ಸ್ಥಗಿತಗೊಂಡಿವೆ. ಸಾರ್ವಜನಿಕರ ಅರ್ಜಿಗಳಿಗೆ ಸಕಾಲದಲ್ಲಿ ಸ್ಪಂದಿಸುತ್ತಿಲ್ಲ. ಈ ಬಗ್ಗೆ ಮೇಲಧಿಕಾರಿಗಳಿಗೆ ಹಲವು ಬಾರಿ ದೂರು ನೀಡಿದರೂ ಪ್ರಯೋಜನವಾಗಿಲ್ಲ ಎಂದು ದೂರಿದರು. ಪ್ರತಿಭಟನಾ ಸ್ಥಳಕ್ಕೆ ಆಗಮಿಸಿದ ತಾಲ್ಲೂಕು ಪಂಚಾಯಿತಿ ಅಧಿಕಾರಿಗಳು ಮನವಿ ಸ್ವೀಕರಿಸಿ, ಮೇಲಧಿಕಾರಿಗಳೊಂದಿಗೆ ಚರ್ಚಿಸಿ ಸೂಕ್ತ ಕ್ರಮ ಕೈಗೊಳ್ಳುವುದಾಗಿ ಭರವಸೆ ನೀಡಿದರು. ಪಂಚಾಯಿತಿ
ದೇಶಾಭಿಮಾನ ಬೆಳೆಸಿಕೊಳ್ಳಿ: ಜಿಲ್ಲಾ ವರಿಷ್ಠಾಧಿಕಾರಿ ಶಿವಾಂಶು ರಜಪೂತ್ ಕರೆ
ಯುವಕರು ದೇಶದ ಅಭಿವೃದ್ಧಿಗೆ ಶ್ರಮಿಸಲಿ
ಕೆಜಿಎಫ್: ದೇಶದಲ್ಲಿ ಹಲವಾರು ರಾಜ್ಯಗಳು, ಭಾಷೆಗಳು, ಧರ್ಮಗಳಿದ್ದರೂ ನಾವೆಲ್ಲರೂ ಭಾರತೀಯರು ಎಂಬ ಭಾವನೆಯಿಂದ ಒಗ್ಗಟ್ಟಾಗಿ ಬಾಳಬೇಕು. ಯುವಕರು ದೇಶಾಭಿಮಾನ ಬೆಳೆಸಿಕೊಂಡು ದೇಶದ ಅಭಿವೃದ್ಧಿಗೆ ಶ್ರಮಿಸಬೇಕು ಎಂದು ಜಿಲ್ಲಾ ಪೊಲೀಸ್ ವರಿಷ್ಠಾಧಿಕಾರಿ ಶಿವಾಂಶು ರಜಪೂತ್ ಕರೆ ನೀಡಿದರು. ನಗರದ ಪೊಲೀಸ್ ಕವಾಯತು ಮೈದಾನದಲ್ಲಿ ನಡೆದ 79ನೇ ಸ್ವಾತಂತ್ರ್ಯ ದಿನಾಚರಣೆಯಲ್ಲಿ ಧ್ವಜಾರೋಹಣ ನೆರವೇರಿಸಿ ಮಾತನಾಡಿದರು. ಸ್ವಾತಂತ್ರ್ಯ ಹೋರಾಟಗಾರರ ತ್ಯಾಗ ಬಲಿದಾನದ ಫಲವಾಗಿ ಇಂದು ನಾವು ಸ್ವತಂತ್ರವಾಗಿದ್ದೇವೆ. ಅವರ ಆದರ್ಶಗಳನ್ನು ಪಾಲಿಸಬೇಕು ಎಂದರು. ಪೊಲೀಸ್ ತುಕಡಿಗಳಿಂದ ಆಕರ್ಷಕ ಪಥಸಂಚಲನ ನಡೆಯಿತು. ಶಾಲಾ ಮಕ್ಕಳಿಂದ ಸಾಂಸ್ಕೃತಿಕ ಕಾರ್ಯಕ್ರಮಗಳು ಜರುಗಿದವು. ಅಧಿಕಾರಿಗಳು, ಜನಪ್ರತಿನಿಧಿಗಳು, ವಿದ್ಯಾರ್ಥಿಗಳು ಪಾಲ್ಗೊಂಡಿದ್ದರು.
ದೇಶದಲ್ಲಿ ಹಲವಾರು ರಾಜ್ಯಗಳು, ಭಾಷೆಗಳು, ಧರ್ಮಗಳಿದ್ದರೂ ನಾವೆಲ್ಲರೂ ಭಾರತೀಯರು ಎಂಬ ಭಾವನೆಯಿಂದ ಒಗ್ಗಟ್ಟಾಗಿ ಬಾಳಬೇಕು. ಯುವಕರು ದೇಶಾಭಿಮಾನ ಬೆಳೆಸಿಕೊಂಡು ದೇಶದ ಅಭಿವೃದ್ಧಿಗೆ ಶ್ರಮಿಸಬೇಕು ಎಂದು ಜಿಲ್ಲಾ ಪೊಲೀಸ್ ವರಿಷ್ಠಾಧಿಕಾರಿ ಶಿವಾಂಶು ರಜಪೂತ್ ಕರೆ ನೀಡಿದರು. ನಗರದ ಪೊಲೀಸ್ ಕವಾಯತು ಮೈದಾನದಲ್ಲಿ ನಡೆದ 79ನೇ ಸ್ವಾತಂತ್ರ್ಯ ದಿನಾಚರಣೆಯಲ್ಲಿ ಧ್ವಜಾರೋಹಣ ನೆರವೇರಿಸಿ ಮಾತನಾಡಿದರು. ಸ್ವಾತಂತ್ರ್ಯ ಹೋರಾಟಗಾರರ ತ್ಯಾಗ ಬಲಿದಾನದ ಫಲವಾಗಿ ಇಂದು ನಾವು ಸ್ವತಂತ್ರವಾಗಿದ್ದೇವೆ. ಅವರ ಆದರ್ಶಗಳನ್ನು ಪಾಲಿಸಬೇಕು ಎಂದರು. ಪೊಲೀಸ್ ತುಕಡಿಗಳಿಂದ ಆಕರ್ಷಕ ಪಥಸಂಚಲನ ನಡೆಯಿತು. ಶಾಲಾ ಮಕ್ಕಳಿಂದ ಸಾಂಸ್ಕೃತಿಕ ಕಾರ್ಯಕ್ರಮಗಳು ಜರುಗಿದವು. ಅಧಿಕಾರಿಗಳು, ಜನಪ್ರತಿನಿಧಿಗಳು, ವಿದ್ಯಾರ್ಥಿಗಳು ಪಾಲ್ಗೊಂಡಿದ್ದರು.
